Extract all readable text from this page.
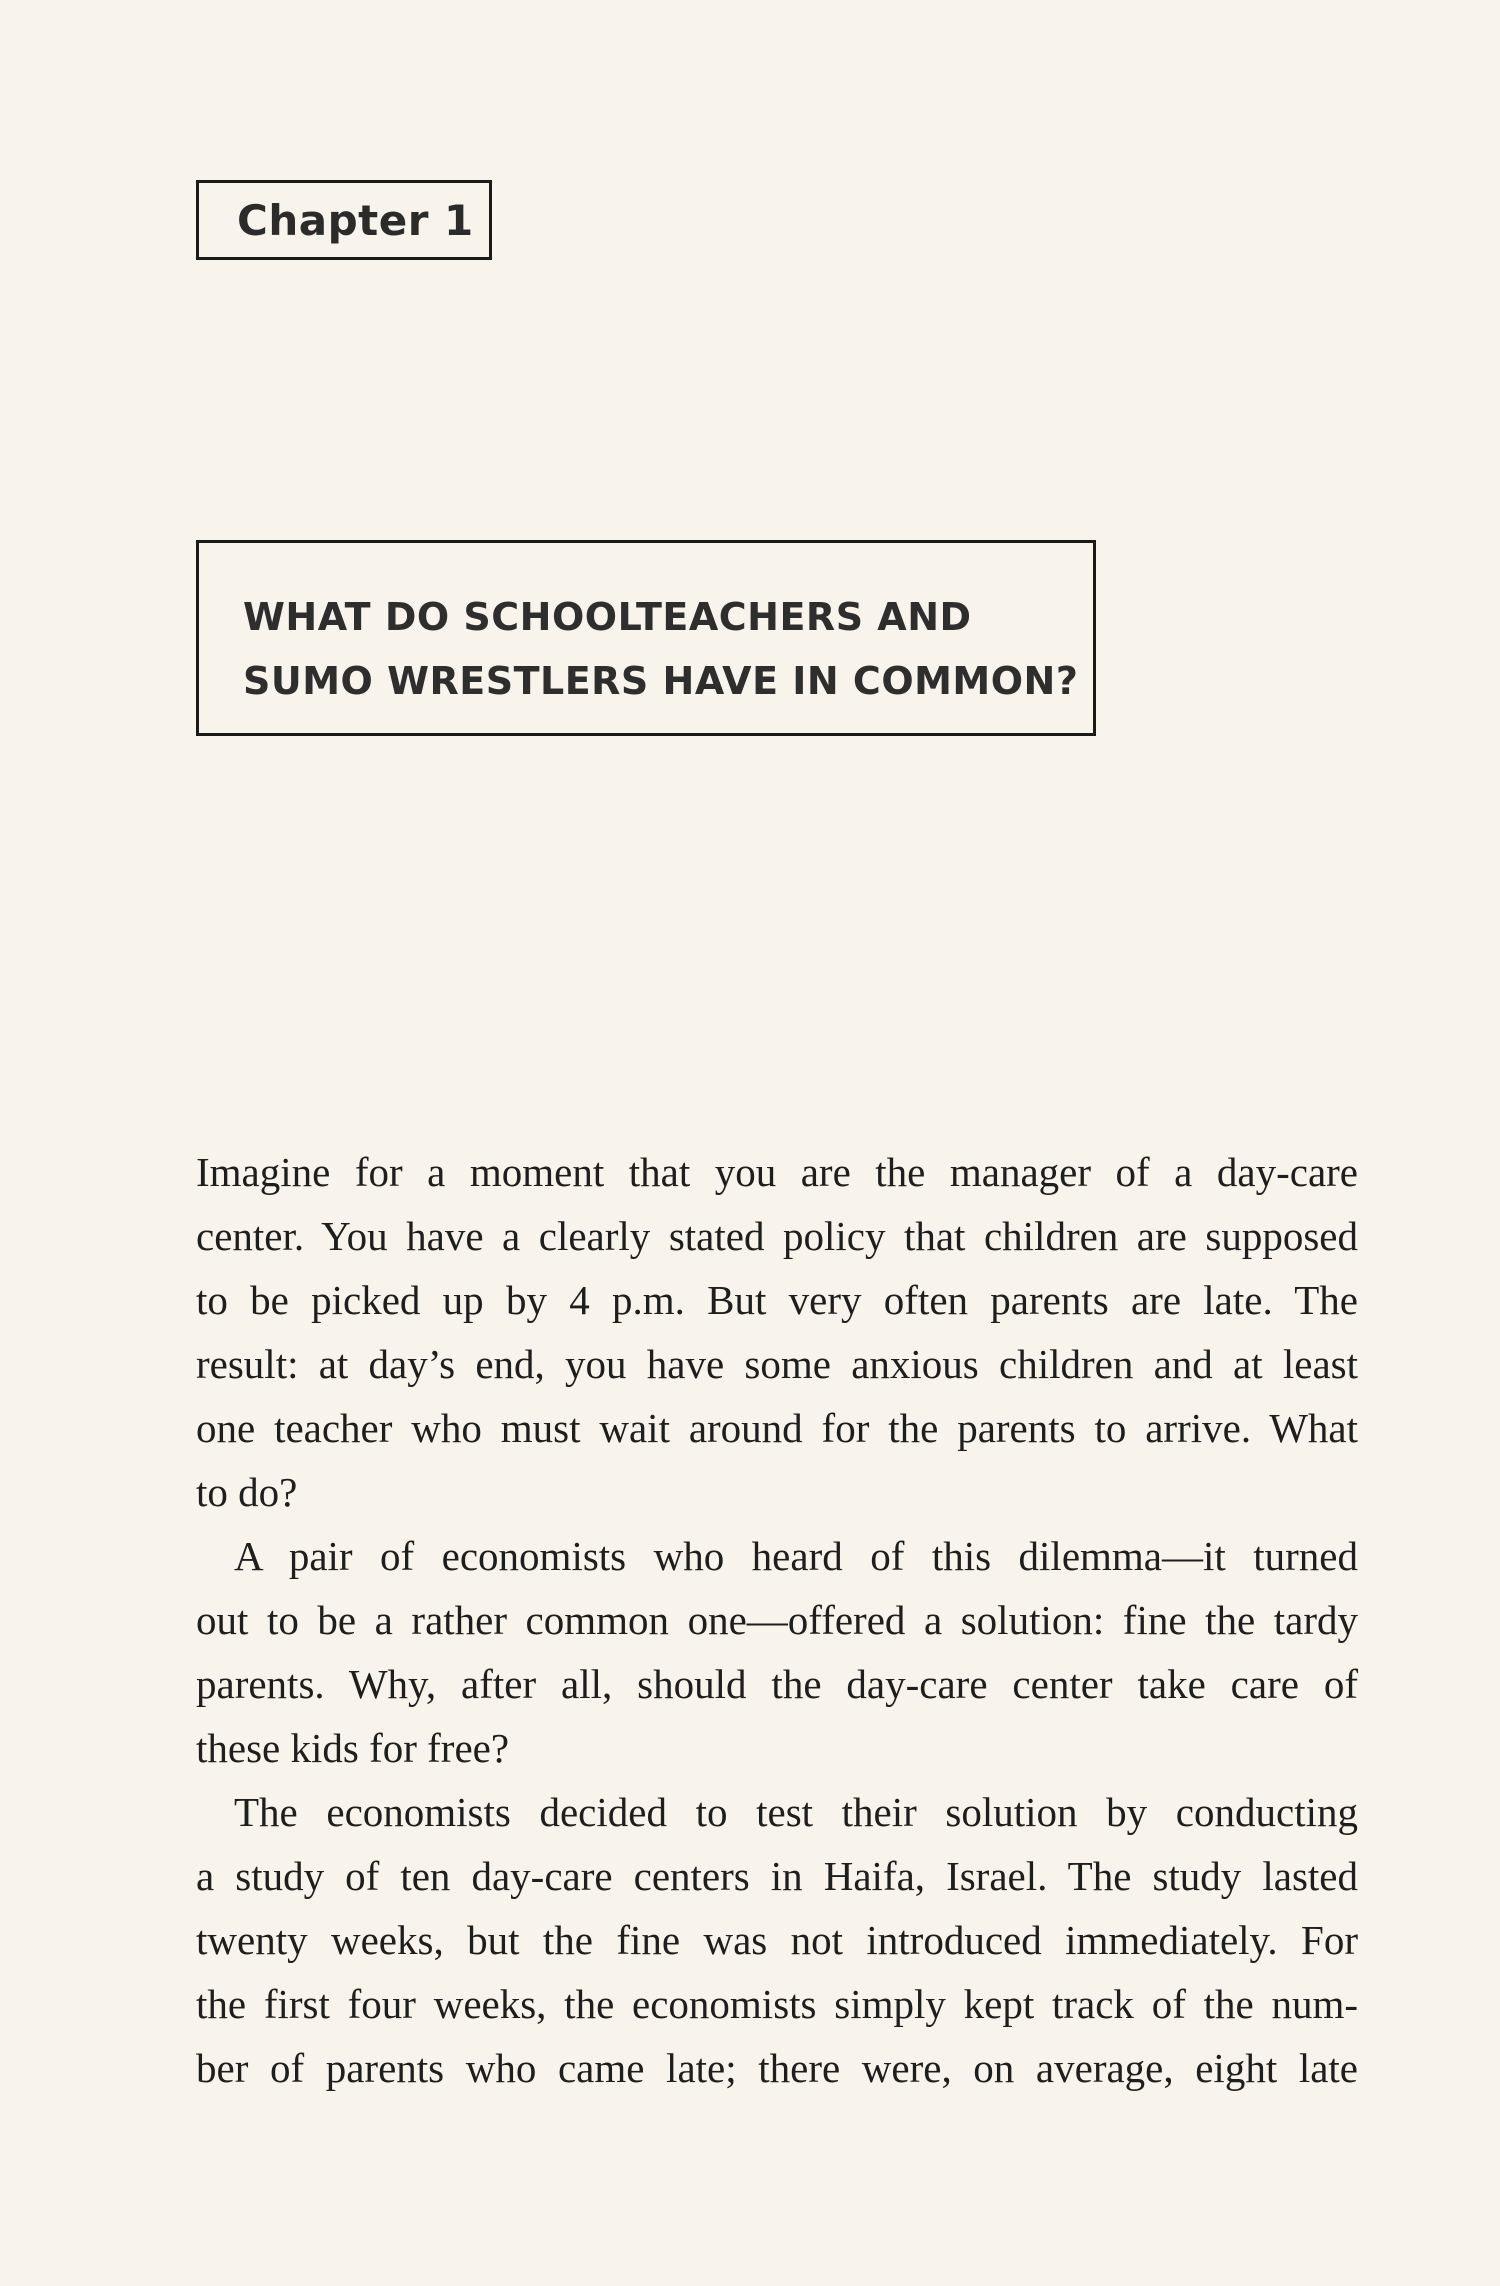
Chapter 1
WHAT DO SCHOOLTEACHERS AND
SUMO WRESTLERS HAVE IN COMMON?
Imagine for a moment that you are the manager of a day-care
center. You have a clearly stated policy that children are supposed
to be picked up by 4 p.m. But very often parents are late. The
result: at day’s end, you have some anxious children and at least
one teacher who must wait around for the parents to arrive. What
to do?
A pair of economists who heard of this dilemma—it turned
out to be a rather common one—offered a solution: fine the tardy
parents. Why, after all, should the day-care center take care of
these kids for free?
The economists decided to test their solution by conducting
a study of ten day-care centers in Haifa, Israel. The study lasted
twenty weeks, but the fine was not introduced immediately. For
the first four weeks, the economists simply kept track of the num-
ber of parents who came late; there were, on average, eight late
